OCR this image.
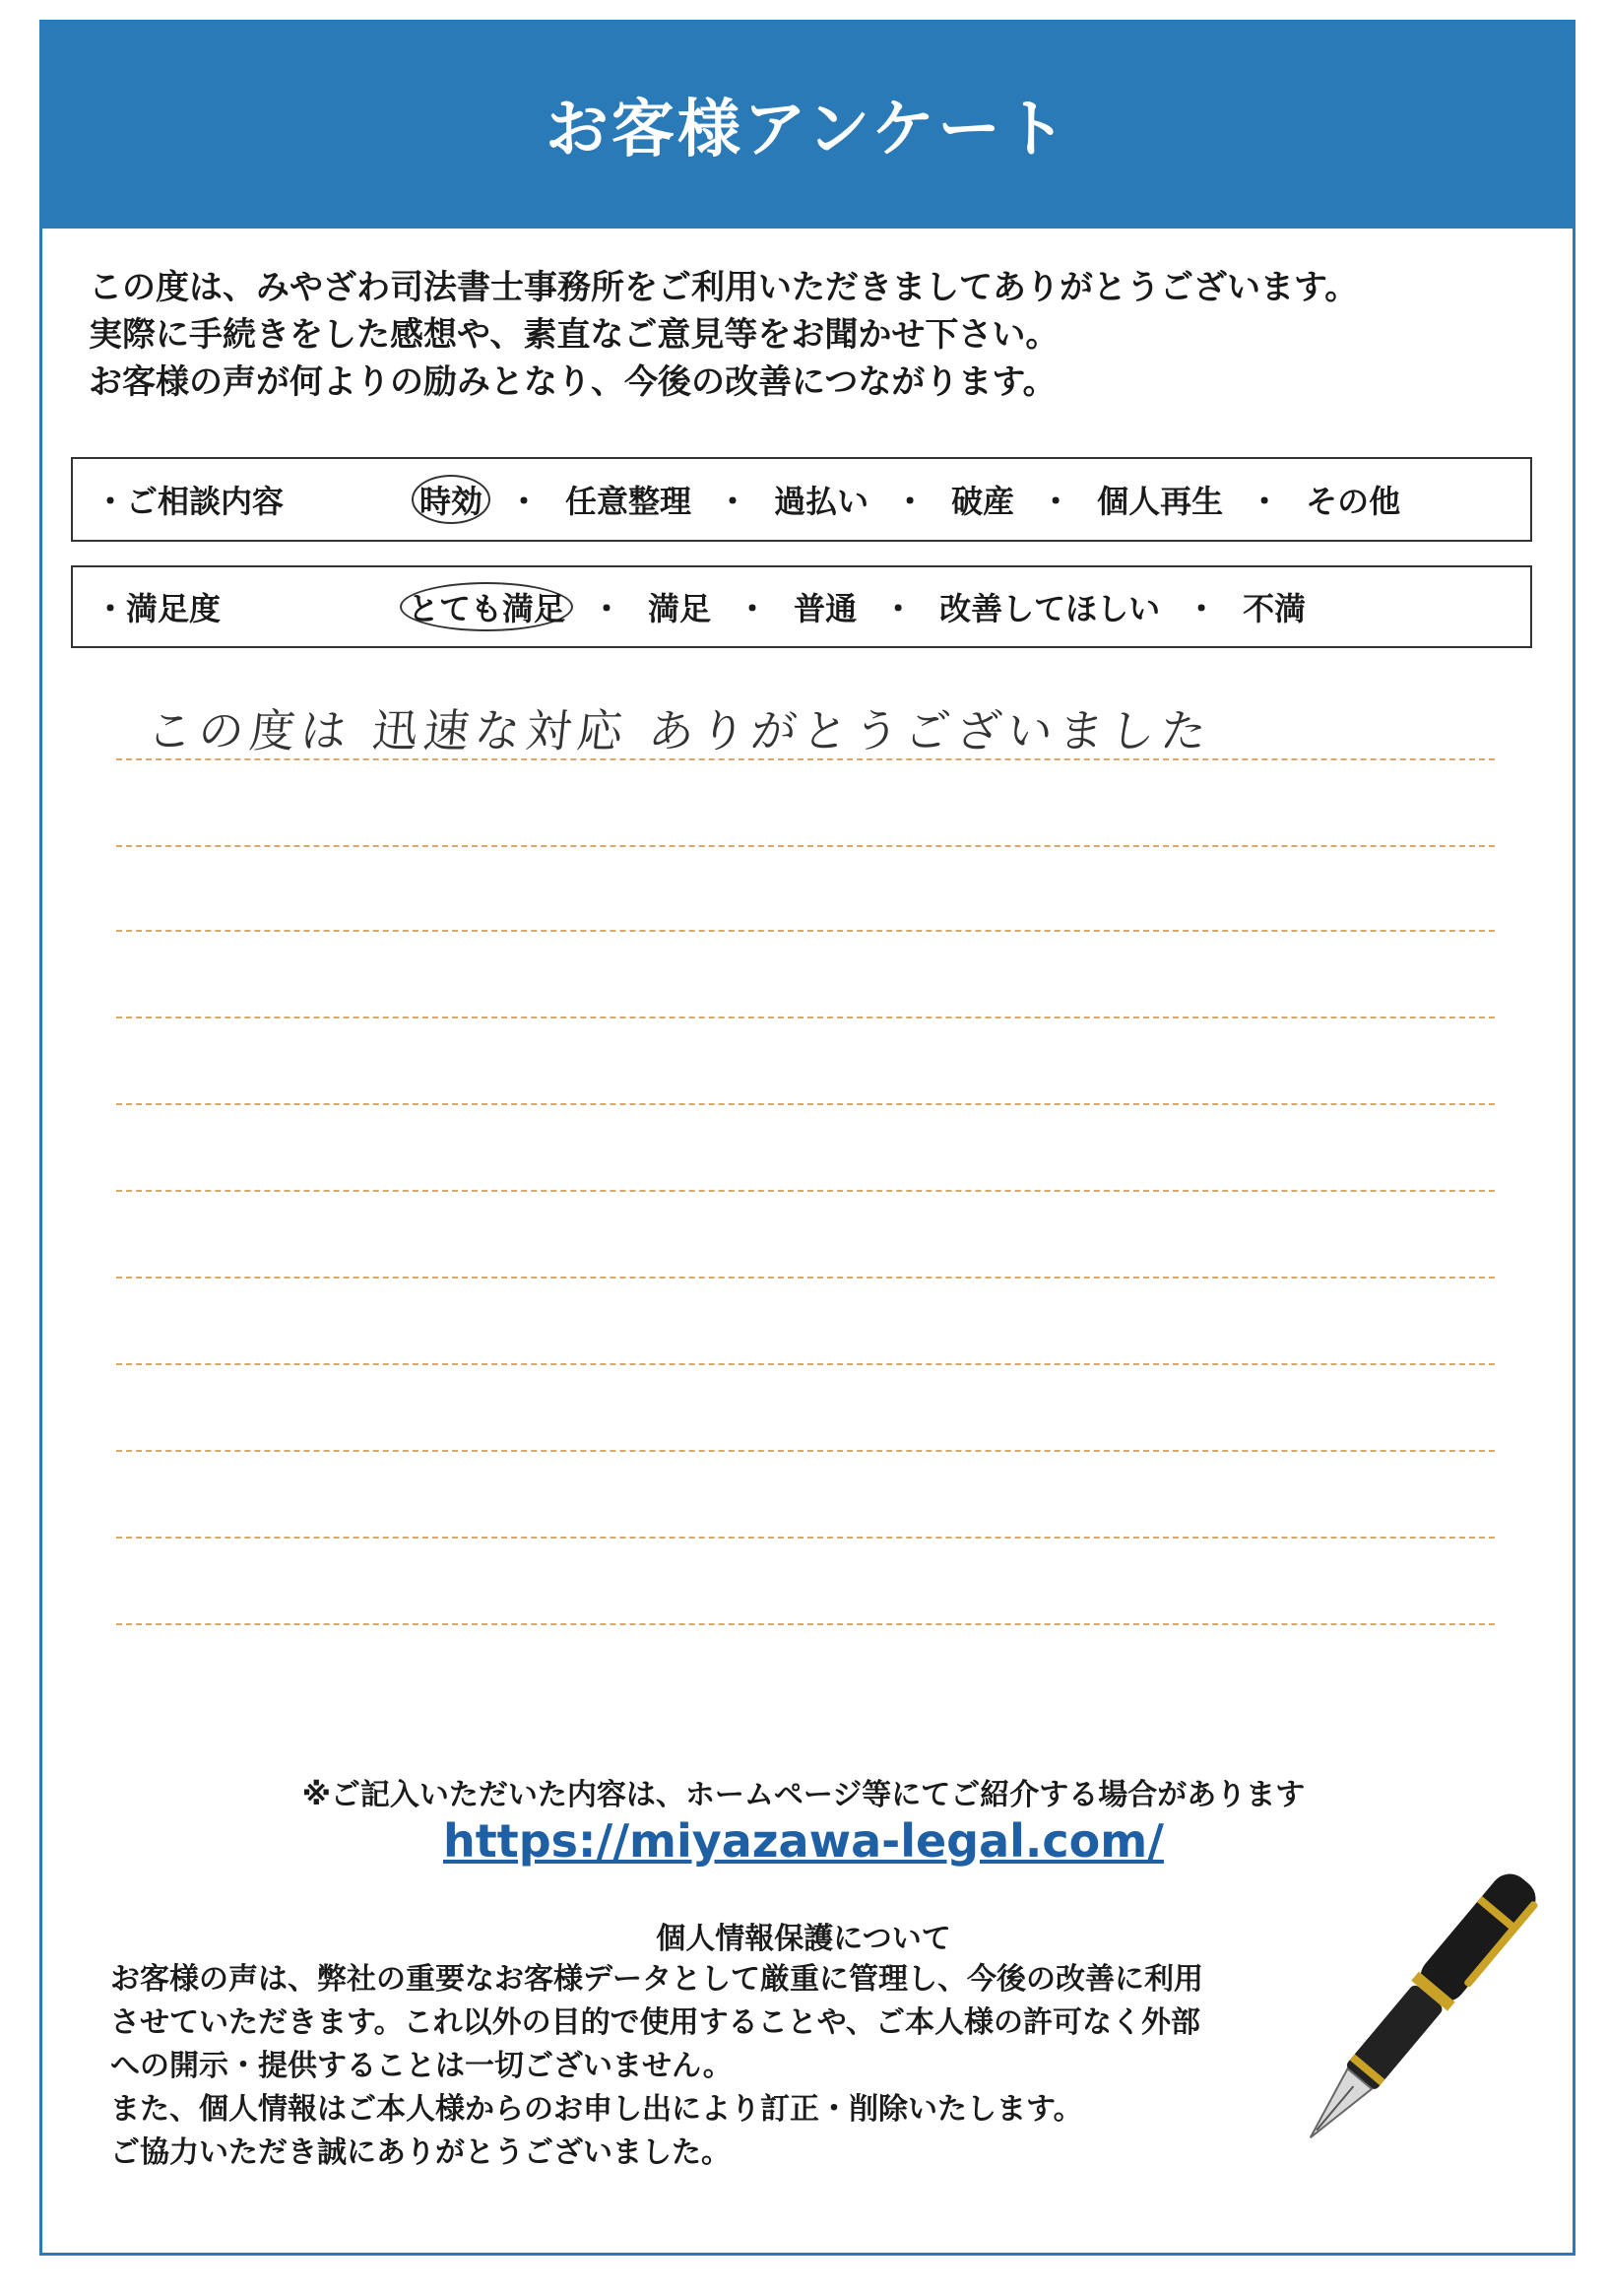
お客様アンケート
この度は、みやざわ司法書士事務所をご利用いただきましてありがとうございます。
実際に手続きをした感想や、素直なご意見等をお聞かせ下さい。
お客様の声が何よりの励みとなり、今後の改善につながります。
・ご相談内容	時効 ・ 任意整理 ・ 過払い ・ 破産 ・ 個人再生 ・ その他
・満足度	とても満足 ・ 満足 ・ 普通 ・ 改善してほしい ・ 不満
この度は 迅速な対応 ありがとうございました
※ご記入いただいた内容は、ホームページ等にてご紹介する場合があります
https://miyazawa-legal.com/
個人情報保護について
お客様の声は、弊社の重要なお客様データとして厳重に管理し、今後の改善に利用
させていただきます。これ以外の目的で使用することや、ご本人様の許可なく外部
への開示・提供することは一切ございません。
また、個人情報はご本人様からのお申し出により訂正・削除いたします。
ご協力いただき誠にありがとうございました。
